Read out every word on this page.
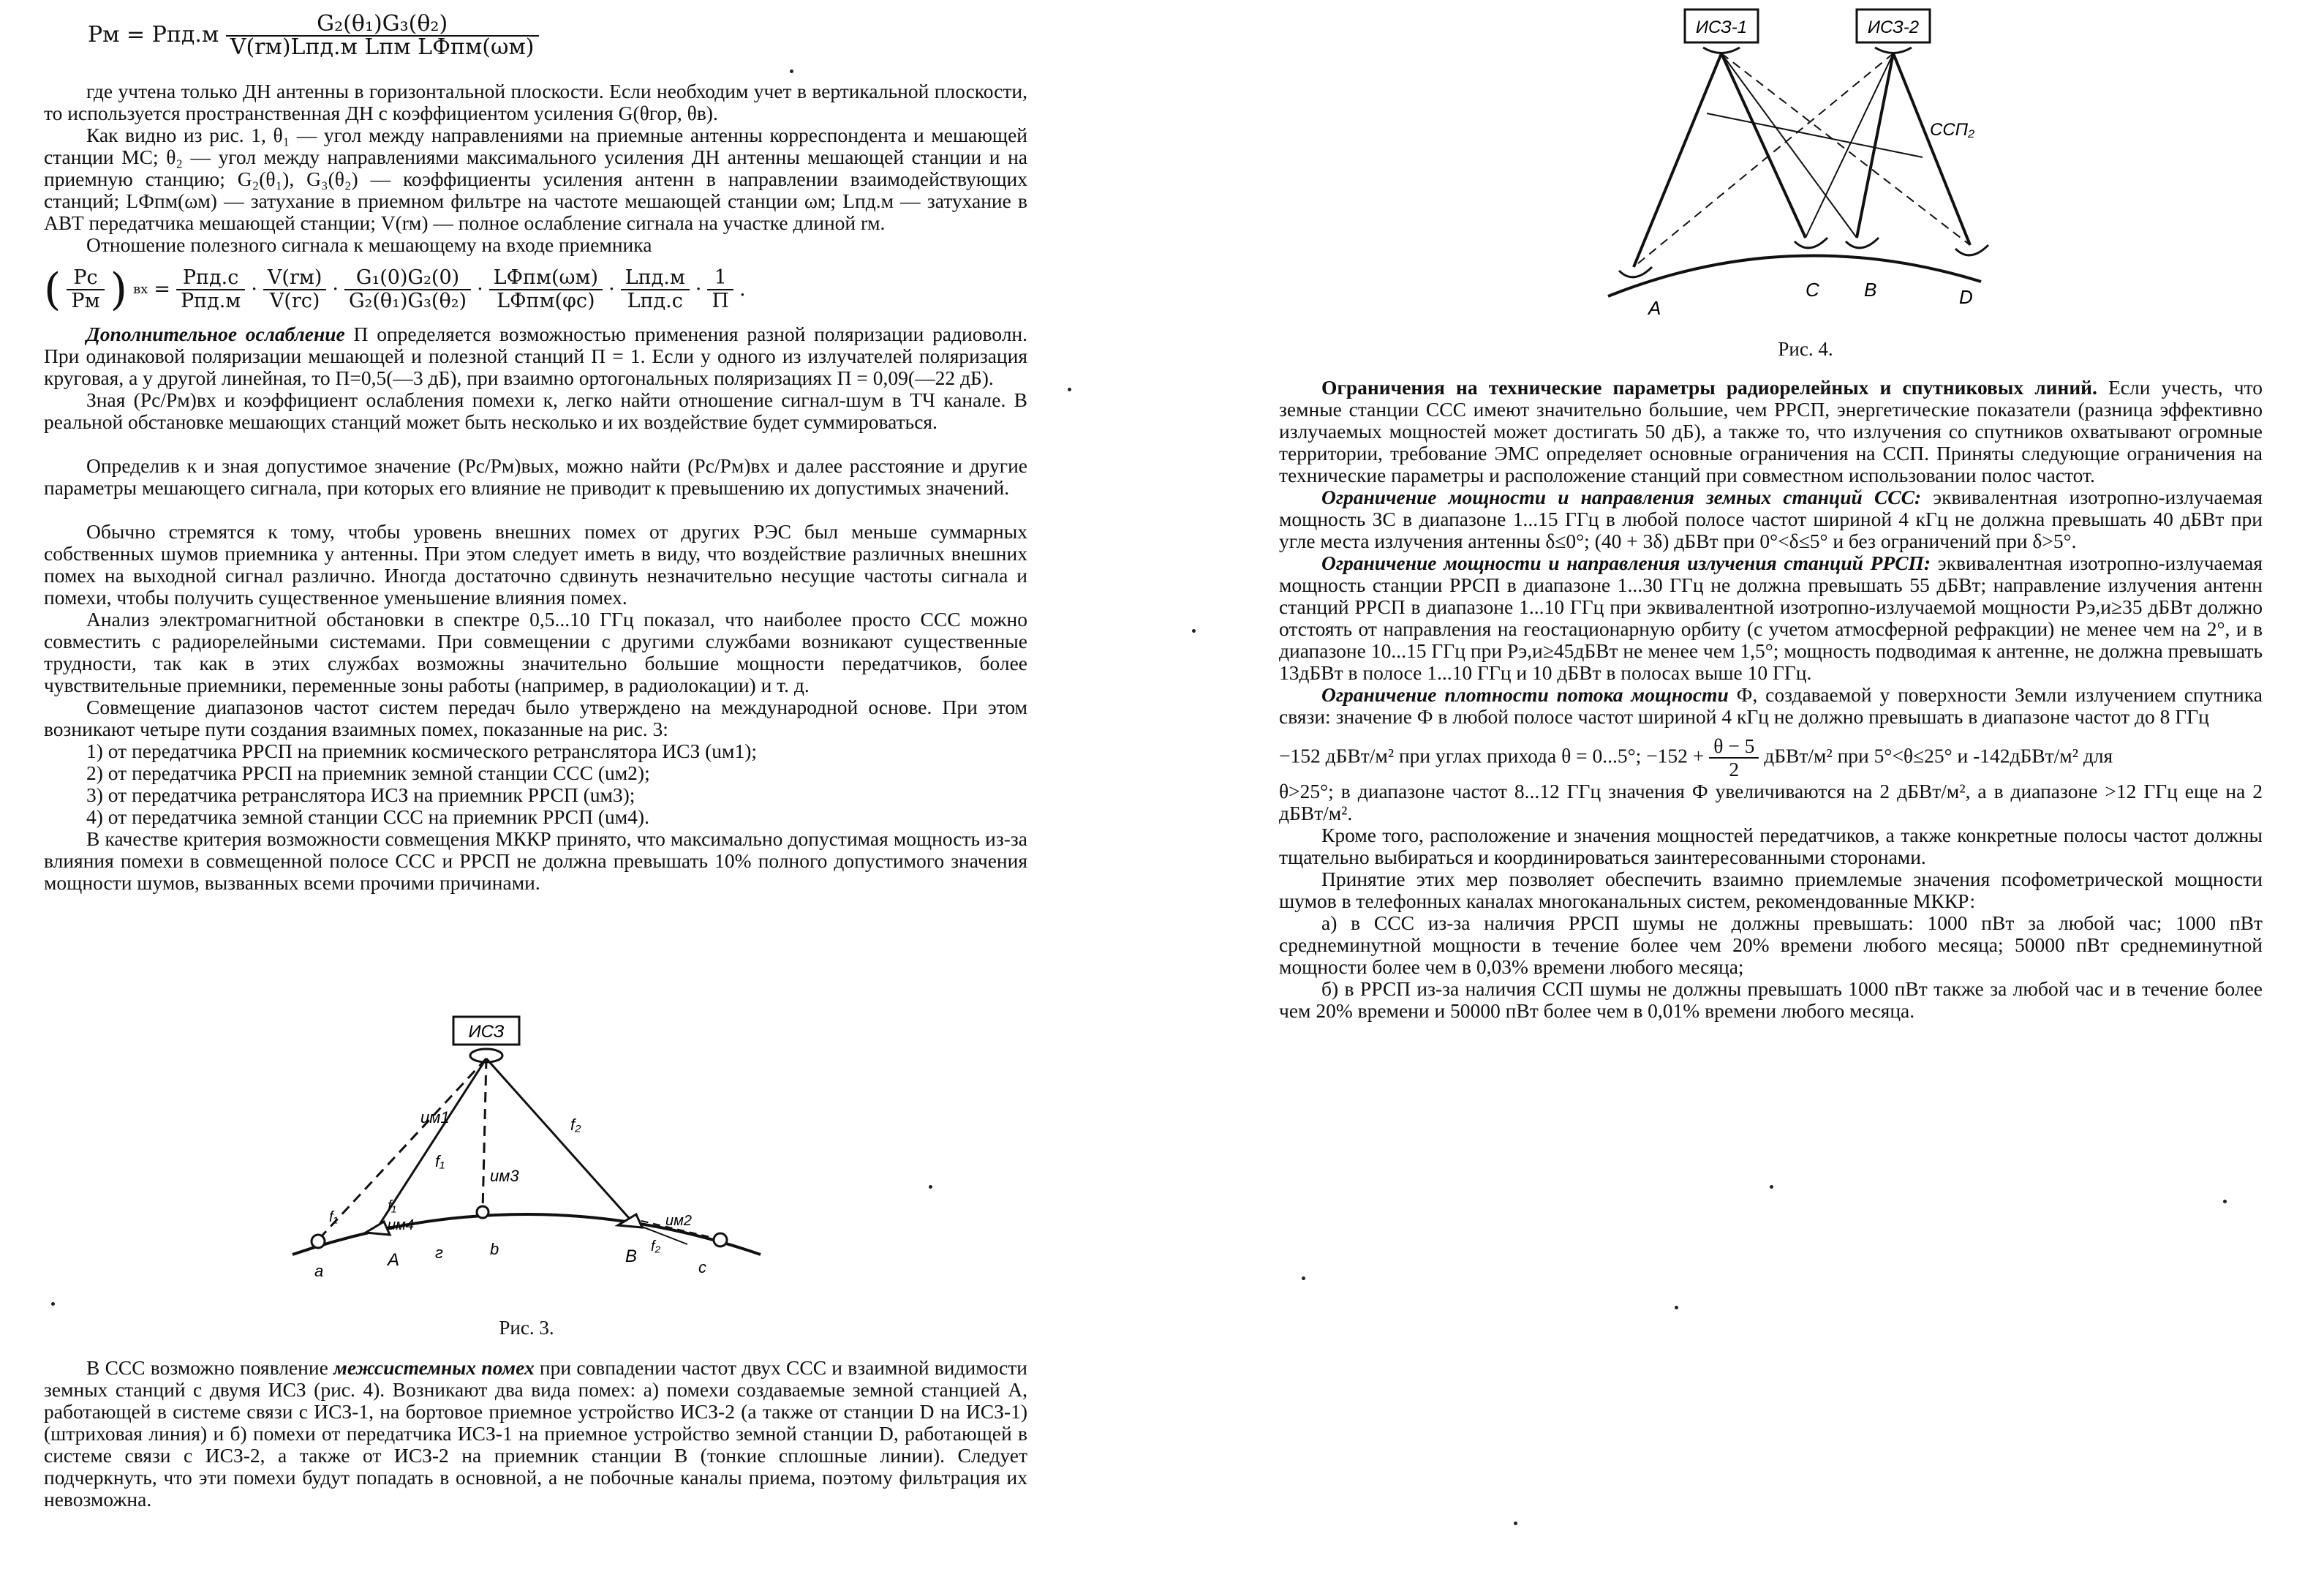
Pм = $Pпд.м \frac{\text{G₂(θ₁)G₃(θ₂)}}{\text{V(rм)Lпд.м Lпм LФпм(ωм)}}$

где учтена только ДН антенны в горизонтальной плоскости. Если необходим учет в вертикальной плоскости, то используется пространственная ДН с коэффициентом усиления G(θгор, θв).

Как видно из рис. 1, θ₁ — угол между направлениями на приемные антенны корреспондента и мешающей станции МС; θ₂ — угол между направлениями максимального усиления ДН антенны мешающей станции и на приемную станцию; G₂(θ₁), G₃(θ₂) — коэффициенты усиления антенн в направлении взаимодействующих станций; LФпм(ωм) — затухание в приемном фильтре на частоте мешающей станции ωм; Lпд.м — затухание в АВТ передатчика мешающей станции; V(rм) — полное ослабление сигнала на участке длиной rм.

Отношение полезного сигнала к мешающему на входе приемника

( $\frac{Pс}{Pм}$ ) вх = $\frac{\text{Pпд.с}}{\text{Pпд.м}} \cdot \frac{V(rм)}{V(rс)} \cdot \frac{\text{G₁(0)G₂(0)}}{\text{G₂(θ₁)G₃(θ₂)}} \cdot \frac{\text{LФпм(ωм)}}{\text{LФпм(φс)}} \cdot \frac{\text{Lпд.м}}{\text{Lпд.с}} \cdot \frac{1}{П}$ .

Дополнительное ослабление П определяется возможностью применения разной поляризации радиоволн. При одинаковой поляризации мешающей и полезной станций П = 1. Если у одного из излучателей поляризация круговая, а у другой линейная, то П=0,5(—3 дБ), при взаимно ортогональных поляризациях П = 0,09(—22 дБ).

Зная (Pс/Pм)вх и коэффициент ослабления помехи к, легко найти отношение сигнал-шум в ТЧ канале. В реальной обстановке мешающих станций может быть несколько и их воздействие будет суммироваться.

Определив к и зная допустимое значение (Pс/Pм)вых, можно найти (Pс/Pм)вх и далее расстояние и другие параметры мешающего сигнала, при которых его влияние не приводит к превышению их допустимых значений.

Обычно стремятся к тому, чтобы уровень внешних помех от других РЭС был меньше суммарных собственных шумов приемника у антенны. При этом следует иметь в виду, что воздействие различных внешних помех на выходной сигнал различно. Иногда достаточно сдвинуть незначительно несущие частоты сигнала и помехи, чтобы получить существенное уменьшение влияния помех.

Анализ электромагнитной обстановки в спектре 0,5...10 ГГц показал, что наиболее просто ССС можно совместить с радиорелейными системами. При совмещении с другими службами возникают существенные трудности, так как в этих службах возможны значительно большие мощности передатчиков, более чувствительные приемники, переменные зоны работы (например, в радиолокации) и т. д.

Совмещение диапазонов частот систем передач было утверждено на международной основе. При этом возникают четыре пути создания взаимных помех, показанные на рис. 3:

1) от передатчика РРСП на приемник космического ретранслятора ИСЗ (uм1);

2) от передатчика РРСП на приемник земной станции ССС (uм2);

3) от передатчика ретранслятора ИСЗ на приемник РРСП (uм3);

4) от передатчика земной станции ССС на приемник РРСП (uм4).

В качестве критерия возможности совмещения МККР принято, что максимально допустимая мощность из-за влияния помехи в совмещенной полосе ССС и РРСП не должна превышать 10% полного допустимого значения мощности шумов, вызванных всеми прочими причинами.

ИСЗ
uм1
f₁
uм3
f₂
uм2
f₁
uм4
f₂
f₁
a
A г	b	B
c
Рис. 3.

В ССС возможно появление межсистемных помех при совпадении частот двух ССС и взаимной видимости земных станций с двумя ИСЗ (рис. 4). Возникают два вида помех: а) помехи создаваемые земной станцией А, работающей в системе связи с ИСЗ-1, на бортовое приемное устройство ИСЗ-2 (а также от станции D на ИСЗ-1) (штриховая линия) и б) помехи от передатчика ИСЗ-1 на приемное устройство земной станции D, работающей в системе связи с ИСЗ-2, а также от ИСЗ-2 на приемник станции B (тонкие сплошные линии). Следует подчеркнуть, что эти помехи будут попадать в основной, а не побочные каналы приема, поэтому фильтрация их невозможна.

ИСЗ-1	ИСЗ-2
ССП₂
A
C B	D
Рис. 4.

Ограничения на технические параметры радиорелейных и спутниковых линий. Если учесть, что земные станции ССС имеют значительно большие, чем РРСП, энергетические показатели (разница эффективно излучаемых мощностей может достигать 50 дБ), а также то, что излучения со спутников охватывают огромные территории, требование ЭМС определяет основные ограничения на ССП. Приняты следующие ограничения на технические параметры и расположение станций при совместном использовании полос частот.

Ограничение мощности и направления земных станций ССС: эквивалентная изотропно-излучаемая мощность ЗС в диапазоне 1...15 ГГц в любой полосе частот шириной 4 кГц не должна превышать 40 дБВт при угле места излучения антенны δ≤0°; (40 + 3δ) дБВт при 0°<δ≤5° и без ограничений при δ>5°.

Ограничение мощности и направления излучения станций РРСП: эквивалентная изотропно-излучаемая мощность станции РРСП в диапазоне 1...30 ГГц не должна превышать 55 дБВт; направление излучения антенн станций РРСП в диапазоне 1...10 ГГц при эквивалентной изотропно-излучаемой мощности Pэ,и≥35 дБВт должно отстоять от направления на геостационарную орбиту (с учетом атмосферной рефракции) не менее чем на 2°, и в диапазоне 10...15 ГГц при Pэ,и≥45дБВт не менее чем 1,5°; мощность подводимая к антенне, не должна превышать 13дБВт в полосе 1...10 ГГц и 10 дБВт в полосах выше 10 ГГц.

Ограничение плотности потока мощности Ф, создаваемой у поверхности Земли излучением спутника связи: значение Ф в любой полосе частот шириной 4 кГц не должно превышать в диапазоне частот до 8 ГГц

−152 дБВт/м² при углах прихода θ = 0...5°; $-152 + \frac{\theta - 5}{2}$ дБВт/м² при 5°<θ≤25° и -142дБВт/м² для

θ>25°; в диапазоне частот 8...12 ГГц значения Ф увеличиваются на 2 дБВт/м², а в диапазоне >12 ГГц еще на 2 дБВт/м².

Кроме того, расположение и значения мощностей передатчиков, а также конкретные полосы частот должны тщательно выбираться и координироваться заинтересованными сторонами.

Принятие этих мер позволяет обеспечить взаимно приемлемые значения псофометрической мощности шумов в телефонных каналах многоканальных систем, рекомендованные МККР:

а) в ССС из-за наличия РРСП шумы не должны превышать: 1000 пВт за любой час; 1000 пВт среднеминутной мощности в течение более чем 20% времени любого месяца; 50000 пВт среднеминутной мощности более чем в 0,03% времени любого месяца;

б) в РРСП из-за наличия ССП шумы не должны превышать 1000 пВт также за любой час и в течение более чем 20% времени и 50000 пВт более чем в 0,01% времени любого месяца.
